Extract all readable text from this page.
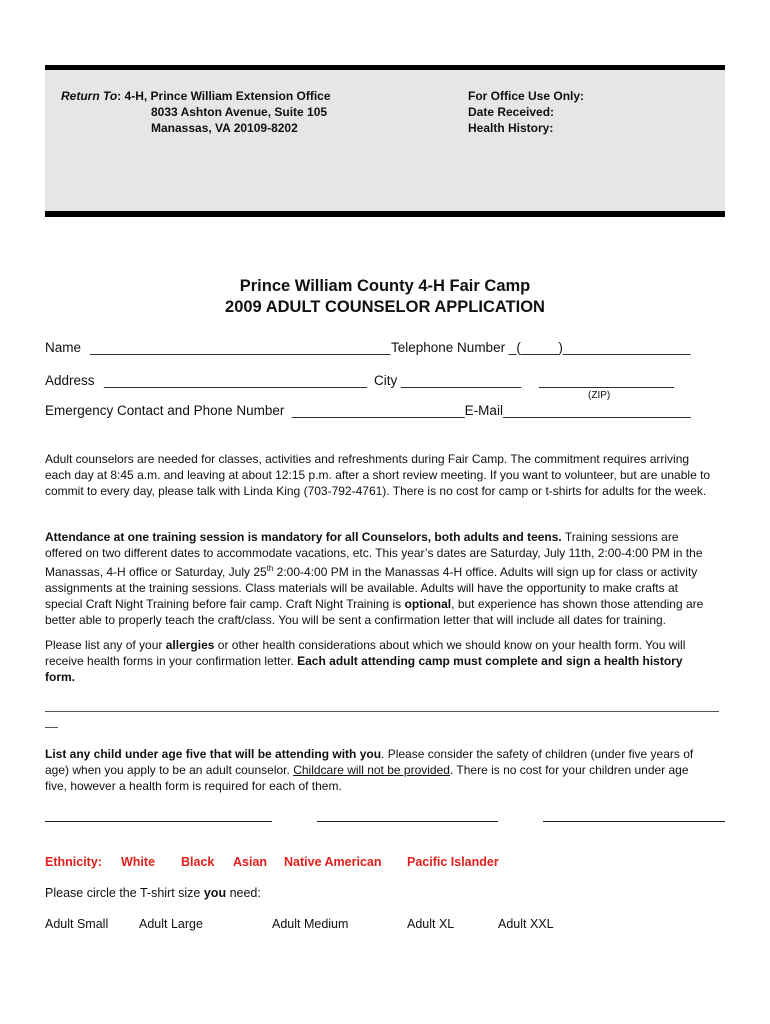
Return To: 4-H, Prince William Extension Office
8033 Ashton Avenue, Suite 105
Manassas, VA 20109-8202
For Office Use Only:
Date Received:
Health History:
Prince William County 4-H Fair Camp
2009 ADULT COUNSELOR APPLICATION
Name ________________________________________ Telephone Number _(_____)_________________
Address ___________________________________ City ________________ __________________
(ZIP)
Emergency Contact and Phone Number _______________________E-Mail_________________________
Adult counselors are needed for classes, activities and refreshments during Fair Camp. The commitment requires arriving
each day at 8:45 a.m. and leaving at about 12:15 p.m. after a short review meeting. If you want to volunteer, but are unable to
commit to every day, please talk with Linda King (703-792-4761). There is no cost for camp or t-shirts for adults for the week.
Attendance at one training session is mandatory for all Counselors, both adults and teens. Training sessions are
offered on two different dates to accommodate vacations, etc. This year’s dates are Saturday, July 11th, 2:00-4:00 PM in the
Manassas, 4-H office or Saturday, July 25th 2:00-4:00 PM in the Manassas 4-H office. Adults will sign up for class or activity
assignments at the training sessions. Class materials will be available. Adults will have the opportunity to make crafts at
special Craft Night Training before fair camp. Craft Night Training is optional, but experience has shown those attending are
better able to properly teach the craft/class. You will be sent a confirmation letter that will include all dates for training.
Please list any of your allergies or other health considerations about which we should know on your health form. You will
receive health forms in your confirmation letter. Each adult attending camp must complete and sign a health history
form.
List any child under age five that will be attending with you. Please consider the safety of children (under five years of
age) when you apply to be an adult counselor. Childcare will not be provided. There is no cost for your children under age
five, however a health form is required for each of them.
Ethnicity: White Black Asian Native American Pacific Islander
Please circle the T-shirt size you need:
Adult Small Adult Large	Adult Medium	Adult XL	Adult XXL
